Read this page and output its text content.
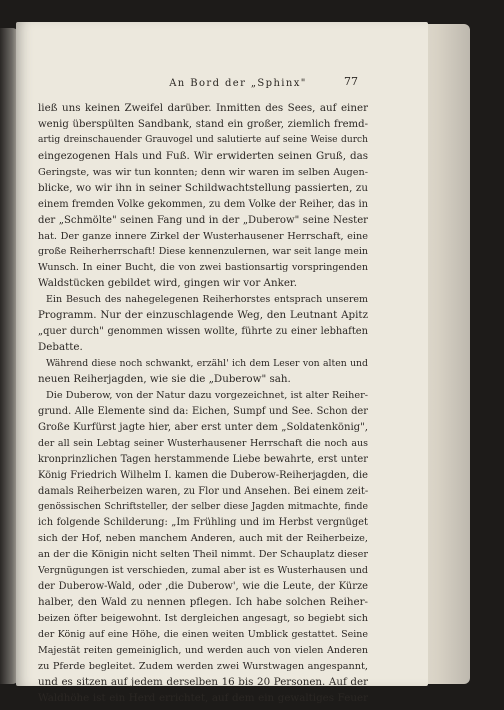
An Bord der „Sphinx"	77
ließ uns keinen Zweifel darüber. Inmitten des Sees, auf einer
wenig überspülten Sandbank, stand ein großer, ziemlich fremd-
artig dreinschauender Grauvogel und salutierte auf seine Weise durch
eingezogenen Hals und Fuß. Wir erwiderten seinen Gruß, das
Geringste, was wir tun konnten; denn wir waren im selben Augen-
blicke, wo wir ihn in seiner Schildwachtstellung passierten, zu
einem fremden Volke gekommen, zu dem Volke der Reiher, das in
der „Schmölte" seinen Fang und in der „Duberow" seine Nester
hat. Der ganze innere Zirkel der Wusterhausener Herrschaft, eine
große Reiherherrschaft! Diese kennenzulernen, war seit lange mein
Wunsch. In einer Bucht, die von zwei bastionsartig vorspringenden
Waldstücken gebildet wird, gingen wir vor Anker.
Ein Besuch des nahegelegenen Reiherhorstes entsprach unserem
Programm. Nur der einzuschlagende Weg, den Leutnant Apitz
„quer durch" genommen wissen wollte, führte zu einer lebhaften
Debatte.
Während diese noch schwankt, erzähl' ich dem Leser von alten und
neuen Reiherjagden, wie sie die „Duberow" sah.
Die Duberow, von der Natur dazu vorgezeichnet, ist alter Reiher-
grund. Alle Elemente sind da: Eichen, Sumpf und See. Schon der
Große Kurfürst jagte hier, aber erst unter dem „Soldatenkönig",
der all sein Lebtag seiner Wusterhausener Herrschaft die noch aus
kronprinzlichen Tagen herstammende Liebe bewahrte, erst unter
König Friedrich Wilhelm I. kamen die Duberow-Reiherjagden, die
damals Reiherbeizen waren, zu Flor und Ansehen. Bei einem zeit-
genössischen Schriftsteller, der selber diese Jagden mitmachte, finde
ich folgende Schilderung: „Im Frühling und im Herbst vergnüget
sich der Hof, neben manchem Anderen, auch mit der Reiherbeize,
an der die Königin nicht selten Theil nimmt. Der Schauplatz dieser
Vergnügungen ist verschieden, zumal aber ist es Wusterhausen und
der Duberow-Wald, oder ‚die Duberow', wie die Leute, der Kürze
halber, den Wald zu nennen pflegen. Ich habe solchen Reiher-
beizen öfter beigewohnt. Ist dergleichen angesagt, so begiebt sich
der König auf eine Höhe, die einen weiten Umblick gestattet. Seine
Majestät reiten gemeiniglich, und werden auch von vielen Anderen
zu Pferde begleitet. Zudem werden zwei Wurstwagen angespannt,
und es sitzen auf jedem derselben 16 bis 20 Personen. Auf der
Waldhöhe ist ein Herd errichtet, auf dem ein gewaltiges Feuer
